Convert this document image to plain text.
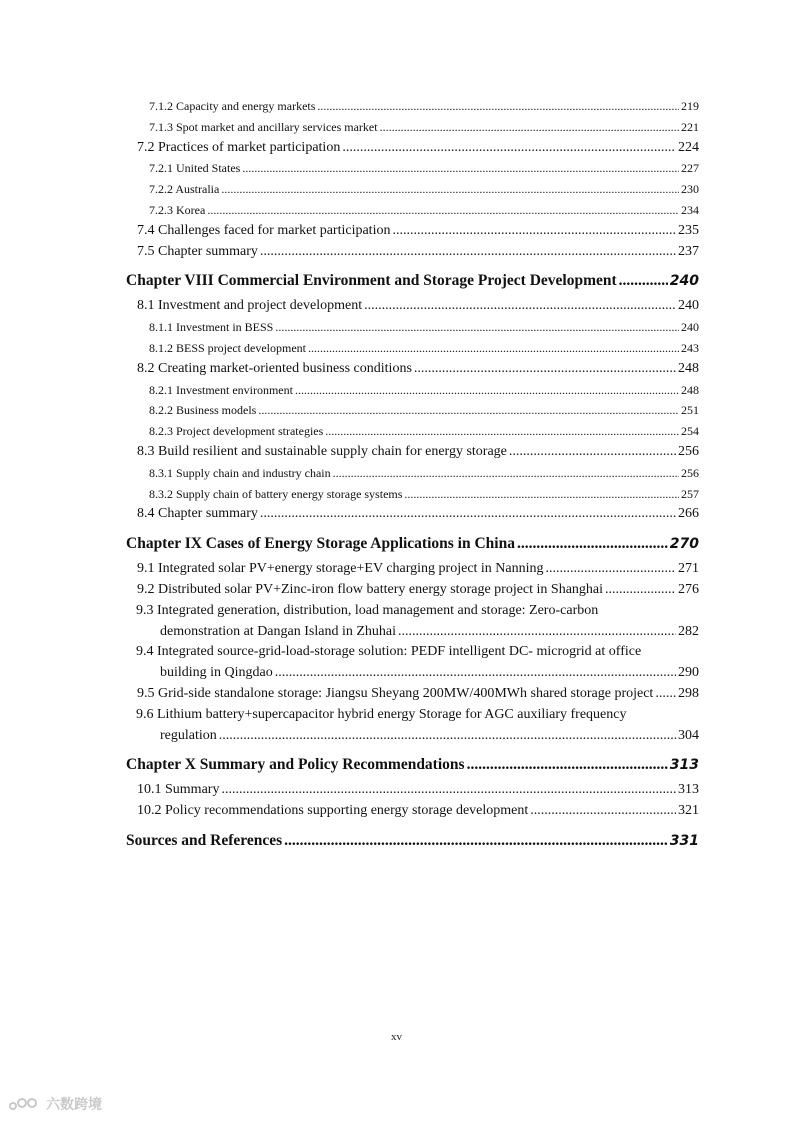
7.1.2 Capacity and energy markets .....	219
7.1.3 Spot market and ancillary services market .....	221
7.2 Practices of market participation .....	224
7.2.1 United States .....	227
7.2.2 Australia .....	230
7.2.3 Korea .....	234
7.4 Challenges faced for market participation .....	235
7.5 Chapter summary .....	237
Chapter VIII Commercial Environment and Storage Project Development .....	240
8.1 Investment and project development .....	240
8.1.1 Investment in BESS .....	240
8.1.2 BESS project development .....	243
8.2 Creating market-oriented business conditions .....	248
8.2.1 Investment environment .....	248
8.2.2 Business models .....	251
8.2.3 Project development strategies .....	254
8.3 Build resilient and sustainable supply chain for energy storage .....	256
8.3.1 Supply chain and industry chain .....	256
8.3.2 Supply chain of battery energy storage systems .....	257
8.4 Chapter summary .....	266
Chapter IX Cases of Energy Storage Applications in China .....	270
9.1 Integrated solar PV+energy storage+EV charging project in Nanning .....	271
9.2 Distributed solar PV+Zinc-iron flow battery energy storage project in Shanghai .....	276
9.3 Integrated generation, distribution, load management and storage: Zero-carbon
demonstration at Dangan Island in Zhuhai .....	282
9.4 Integrated source-grid-load-storage solution: PEDF intelligent DC- microgrid at office
building in Qingdao .....	290
9.5 Grid-side standalone storage: Jiangsu Sheyang 200MW/400MWh shared storage project ..... 298
9.6 Lithium battery+supercapacitor hybrid energy Storage for AGC auxiliary frequency
regulation .....	304
Chapter X Summary and Policy Recommendations .....	313
10.1 Summary .....	313
10.2 Policy recommendations supporting energy storage development .....	321
Sources and References .....	331
xv
六数跨境
